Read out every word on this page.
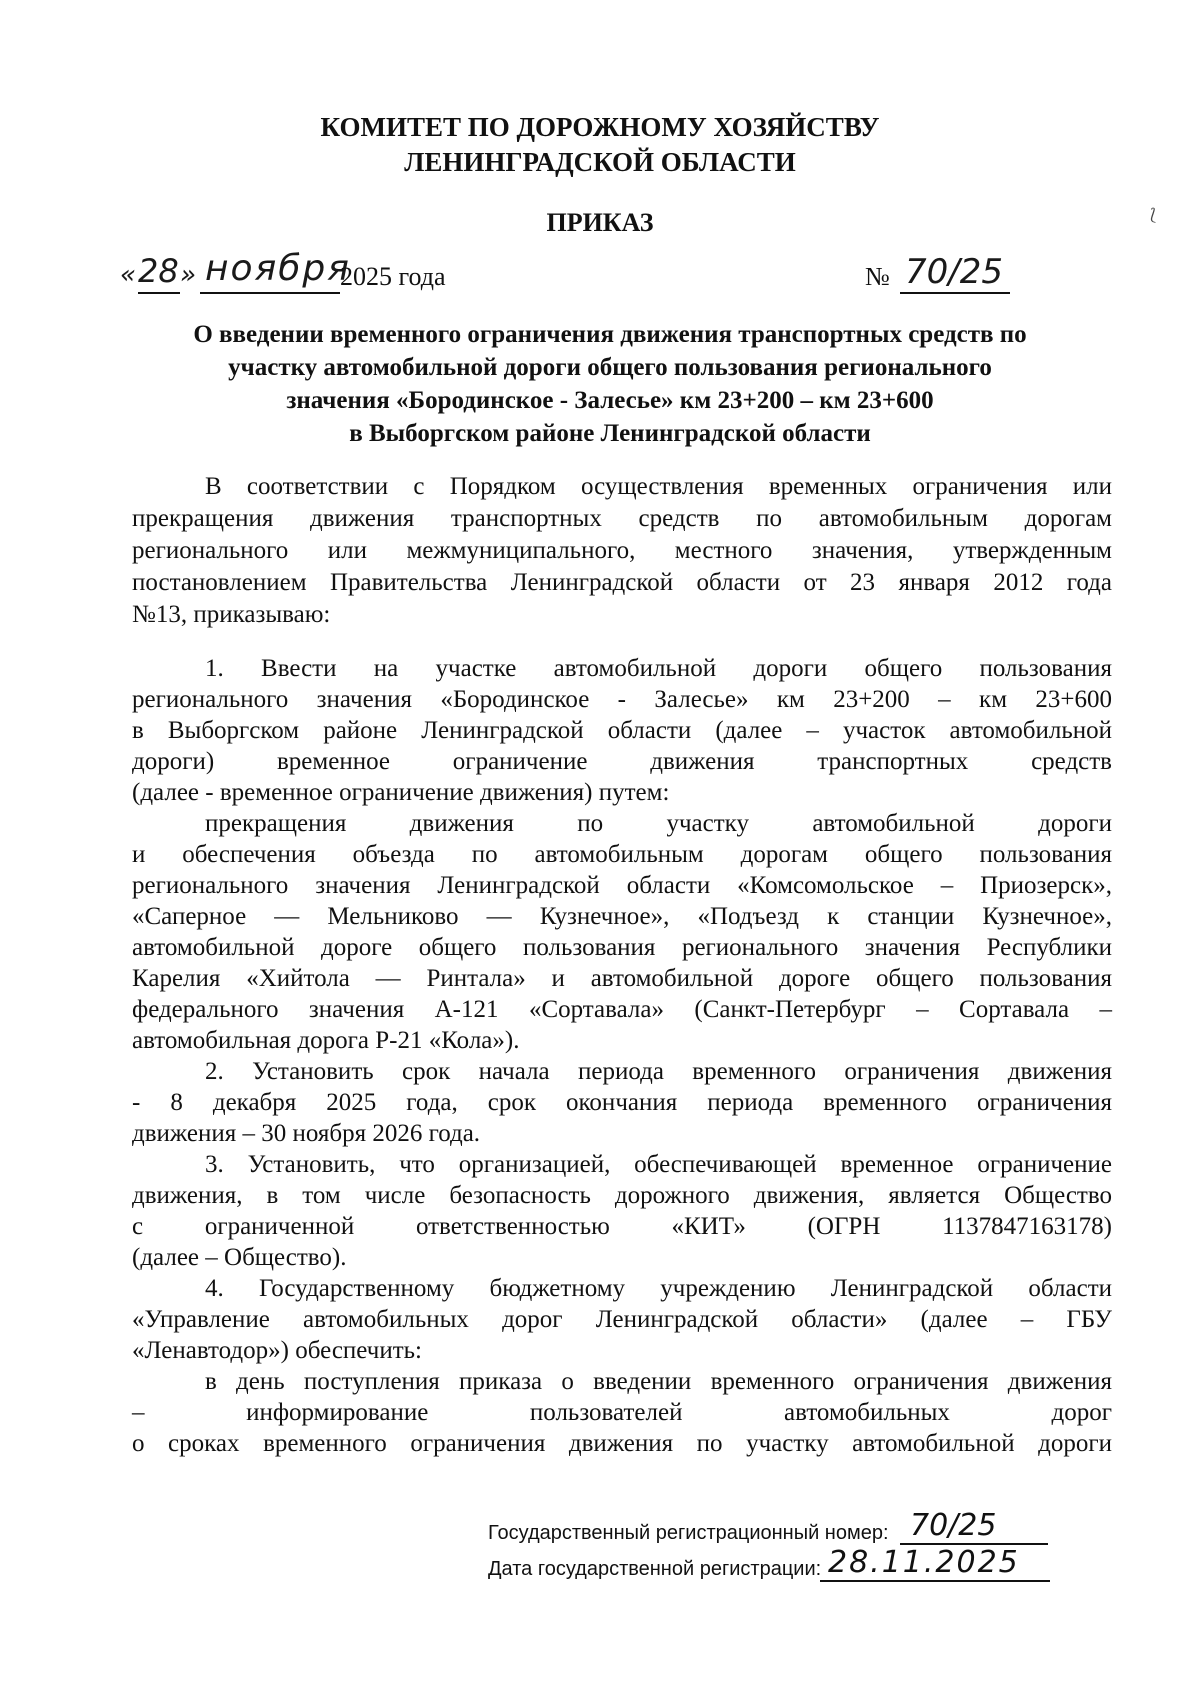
КОМИТЕТ ПО ДОРОЖНОМУ ХОЗЯЙСТВУ
ЛЕНИНГРАДСКОЙ ОБЛАСТИ
ПРИКАЗ
« 28 » ноября
2025 года	№ 70/25
О введении временного ограничения движения транспортных средств по
участку автомобильной дороги общего пользования регионального
значения «Бородинское - Залесье» км 23+200 – км 23+600
в Выборгском районе Ленинградской области
В соответствии с Порядком осуществления временных ограничения или
прекращения движения транспортных средств по автомобильным дорогам
регионального или межмуниципального, местного значения, утвержденным
постановлением Правительства Ленинградской области от 23 января 2012 года
№13, приказываю:
1. Ввести на участке автомобильной дороги общего пользования
регионального значения «Бородинское - Залесье» км 23+200 – км 23+600
в Выборгском районе Ленинградской области (далее – участок автомобильной
дороги) временное ограничение движения транспортных средств
(далее - временное ограничение движения) путем:
прекращения движения по участку автомобильной дороги
и обеспечения объезда по автомобильным дорогам общего пользования
регионального значения Ленинградской области «Комсомольское – Приозерск»,
«Саперное — Мельниково — Кузнечное», «Подъезд к станции Кузнечное»,
автомобильной дороге общего пользования регионального значения Республики
Карелия «Хийтола — Ринтала» и автомобильной дороге общего пользования
федерального значения А-121 «Сортавала» (Санкт-Петербург – Сортавала –
автомобильная дорога Р-21 «Кола»).
2. Установить срок начала периода временного ограничения движения
- 8 декабря 2025 года, срок окончания периода временного ограничения
движения – 30 ноября 2026 года.
3. Установить, что организацией, обеспечивающей временное ограничение
движения, в том числе безопасность дорожного движения, является Общество
с ограниченной ответственностью «КИТ» (ОГРН 1137847163178)
(далее – Общество).
4. Государственному бюджетному учреждению Ленинградской области
«Управление автомобильных дорог Ленинградской области» (далее – ГБУ
«Ленавтодор») обеспечить:
в день поступления приказа о введении временного ограничения движения
– информирование пользователей автомобильных дорог
о сроках временного ограничения движения по участку автомобильной дороги
Государственный регистрационный номер: 70/25
Дата государственной регистрации: 28.11.2025
⟅
